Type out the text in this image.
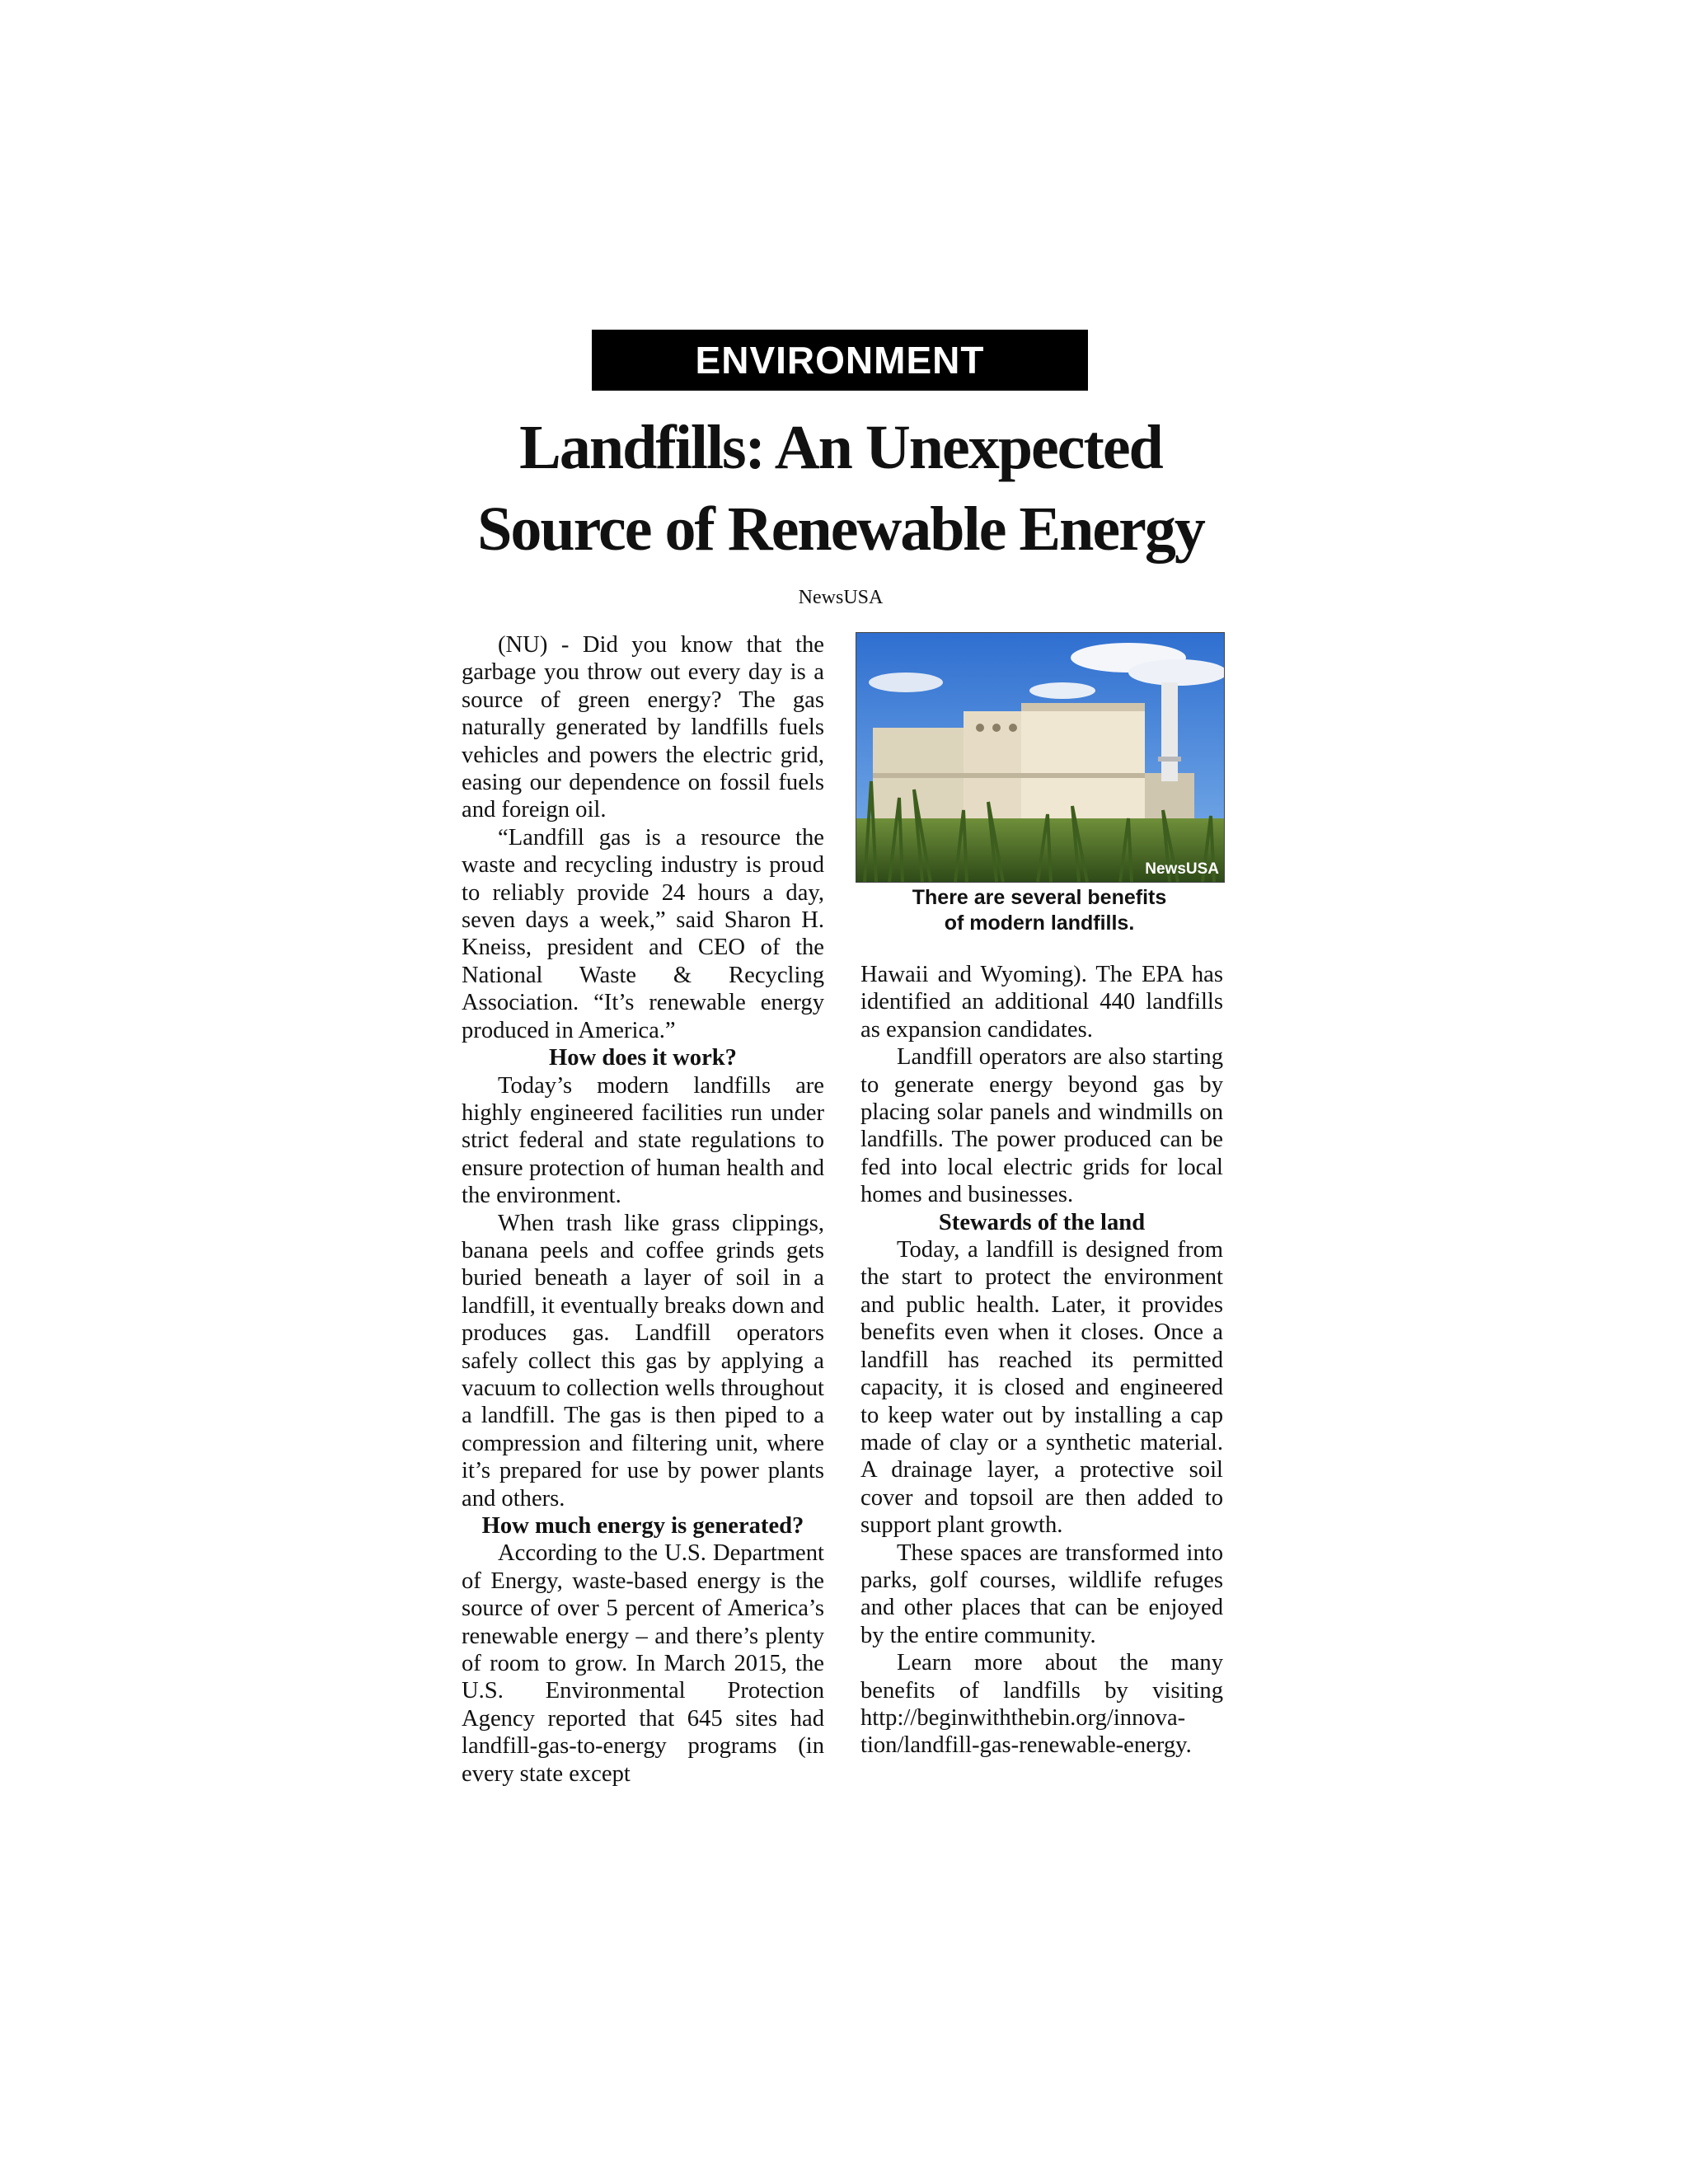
ENVIRONMENT
Landfills: An Unexpected
Source of Renewable Energy
NewsUSA

(NU) - Did you know that the garbage you throw out every day is a source of green energy? The gas naturally generated by landfills fuels vehicles and powers the electric grid, easing our dependence on fossil fuels and foreign oil.

“Landfill gas is a resource the waste and recycling industry is proud to reliably provide 24 hours a day, seven days a week,” said Sharon H. Kneiss, president and CEO of the National Waste & Recycling Association. “It’s renewable energy produced in America.”

How does it work?

Today’s modern landfills are highly engineered facilities run under strict federal and state regulations to ensure protection of human health and the environment.

When trash like grass clippings, banana peels and coffee grinds gets buried beneath a layer of soil in a landfill, it eventually breaks down and produces gas. Landfill operators safely collect this gas by applying a vacuum to collection wells throughout a landfill. The gas is then piped to a compression and filtering unit, where it’s prepared for use by power plants and others.

How much energy is generated?

According to the U.S. Department of Energy, waste-based energy is the source of over 5 percent of America’s renewable energy – and there’s plenty of room to grow. In March 2015, the U.S. Environmental Protection Agency reported that 645 sites had landfill-gas-to-energy programs (in every state except

NewsUSA
There are several benefits
of modern landfills.

Hawaii and Wyoming). The EPA has identified an additional 440 landfills as expansion candidates.

Landfill operators are also starting to generate energy beyond gas by placing solar panels and windmills on landfills. The power produced can be fed into local electric grids for local homes and businesses.

Stewards of the land

Today, a landfill is designed from the start to protect the environment and public health. Later, it provides benefits even when it closes. Once a landfill has reached its permitted capacity, it is closed and engineered to keep water out by installing a cap made of clay or a synthetic material. A drainage layer, a protective soil cover and topsoil are then added to support plant growth.

These spaces are transformed into parks, golf courses, wildlife refuges and other places that can be enjoyed by the entire community.

Learn more about the many benefits of landfills by visiting http://beginwiththebin.org/innovation/landfill-gas-renewable-energy.
